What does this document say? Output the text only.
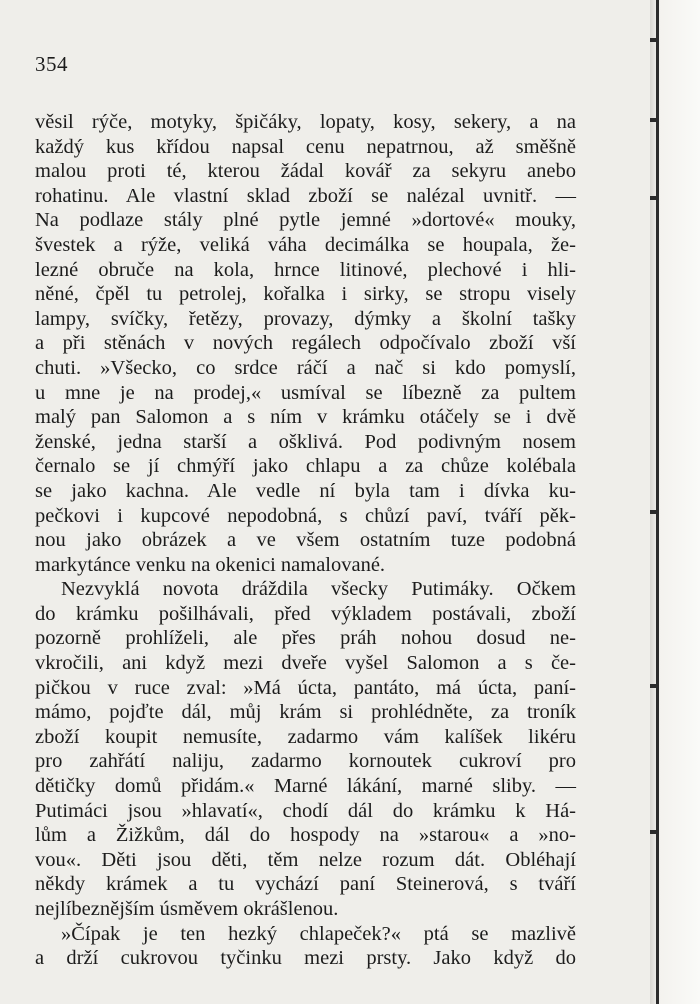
354
věsil rýče, motyky, špičáky, lopaty, kosy, sekery, a na
každý kus křídou napsal cenu nepatrnou, až směšně
malou proti té, kterou žádal kovář za sekyru anebo
rohatinu. Ale vlastní sklad zboží se nalézal uvnitř. —
Na podlaze stály plné pytle jemné »dortové« mouky,
švestek a rýže, veliká váha decimálka se houpala, že-
lezné obruče na kola, hrnce litinové, plechové i hli-
něné, čpěl tu petrolej, kořalka i sirky, se stropu visely
lampy, svíčky, řetězy, provazy, dýmky a školní tašky
a při stěnách v nových regálech odpočívalo zboží vší
chuti. »Všecko, co srdce ráčí a nač si kdo pomyslí,
u mne je na prodej,« usmíval se líbezně za pultem
malý pan Salomon a s ním v krámku otáčely se i dvě
ženské, jedna starší a ošklivá. Pod podivným nosem
černalo se jí chmýří jako chlapu a za chůze kolébala
se jako kachna. Ale vedle ní byla tam i dívka ku-
pečkovi i kupcové nepodobná, s chůzí paví, tváří pěk-
nou jako obrázek a ve všem ostatním tuze podobná
markytánce venku na okenici namalované.
Nezvyklá novota dráždila všecky Putimáky. Očkem
do krámku pošilhávali, před výkladem postávali, zboží
pozorně prohlíželi, ale přes práh nohou dosud ne-
vkročili, ani když mezi dveře vyšel Salomon a s če-
pičkou v ruce zval: »Má úcta, pantáto, má úcta, paní-
mámo, pojďte dál, můj krám si prohlédněte, za troník
zboží koupit nemusíte, zadarmo vám kalíšek likéru
pro zahřátí naliju, zadarmo kornoutek cukroví pro
dětičky domů přidám.« Marné lákání, marné sliby. —
Putimáci jsou »hlavatí«, chodí dál do krámku k Há-
lům a Žižkům, dál do hospody na »starou« a »no-
vou«. Děti jsou děti, těm nelze rozum dát. Obléhají
někdy krámek a tu vychází paní Steinerová, s tváří
nejlíbeznějším úsměvem okrášlenou.
»Čípak je ten hezký chlapeček?« ptá se mazlivě
a drží cukrovou tyčinku mezi prsty. Jako když do
